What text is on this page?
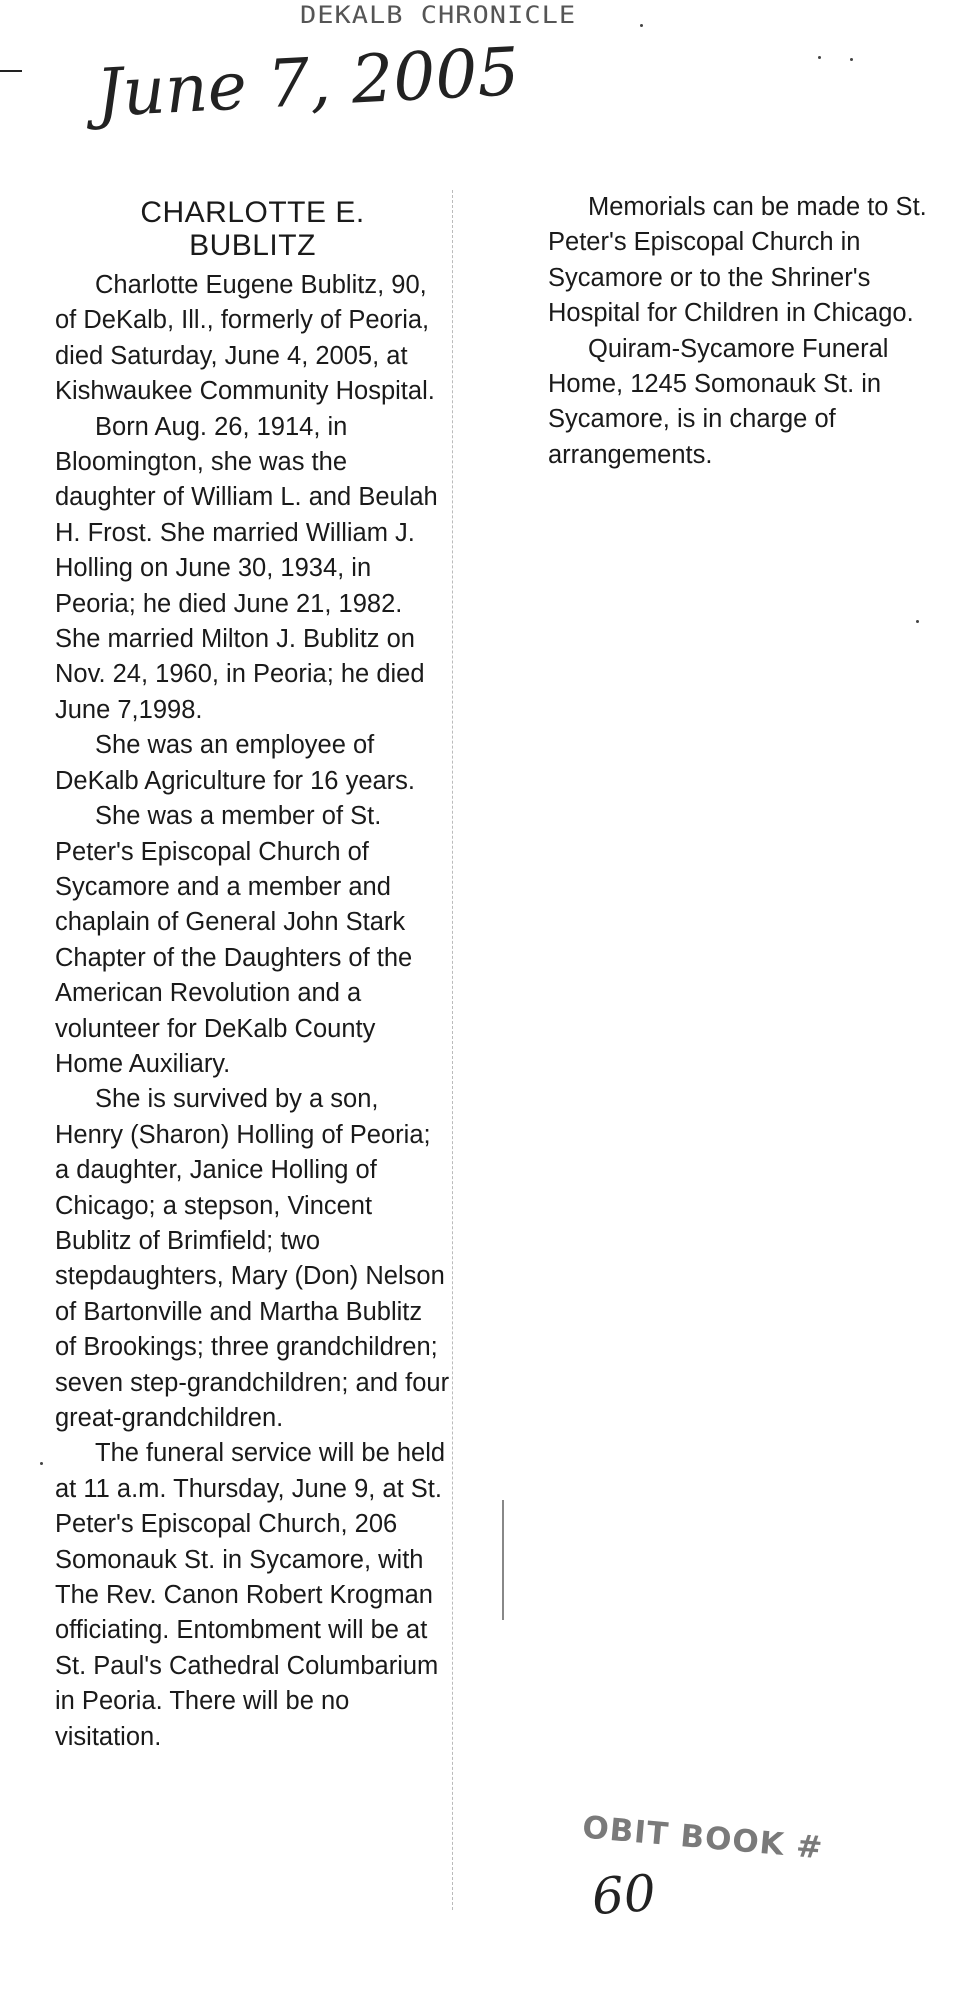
DEKALB CHRONICLE
June 7, 2005
CHARLOTTE E.
BUBLITZ

Charlotte Eugene Bublitz, 90, of DeKalb, Ill., formerly of Peoria, died Saturday, June 4, 2005, at Kishwaukee Community Hospital.

Born Aug. 26, 1914, in Bloomington, she was the daughter of William L. and Beulah H. Frost. She married William J. Holling on June 30, 1934, in Peoria; he died June 21, 1982. She married Milton J. Bublitz on Nov. 24, 1960, in Peoria; he died June 7,1998.

She was an employee of DeKalb Agriculture for 16 years.

She was a member of St. Peter's Episcopal Church of Sycamore and a member and chaplain of General John Stark Chapter of the Daughters of the American Revolution and a volunteer for DeKalb County Home Auxiliary.

She is survived by a son, Henry (Sharon) Holling of Peoria; a daughter, Janice Holling of Chicago; a stepson, Vincent Bublitz of Brimfield; two stepdaughters, Mary (Don) Nelson of Bartonville and Martha Bublitz of Brookings; three grandchildren; seven step-grandchildren; and four great-grandchildren.

The funeral service will be held at 11 a.m. Thursday, June 9, at St. Peter's Episcopal Church, 206 Somonauk St. in Sycamore, with The Rev. Canon Robert Krogman officiating. Entombment will be at St. Paul's Cathedral Columbarium in Peoria. There will be no visitation.

Memorials can be made to St. Peter's Episcopal Church in Sycamore or to the Shriner's Hospital for Children in Chicago.

Quiram-Sycamore Funeral Home, 1245 Somonauk St. in Sycamore, is in charge of arrangements.

OBIT BOOK #
60
